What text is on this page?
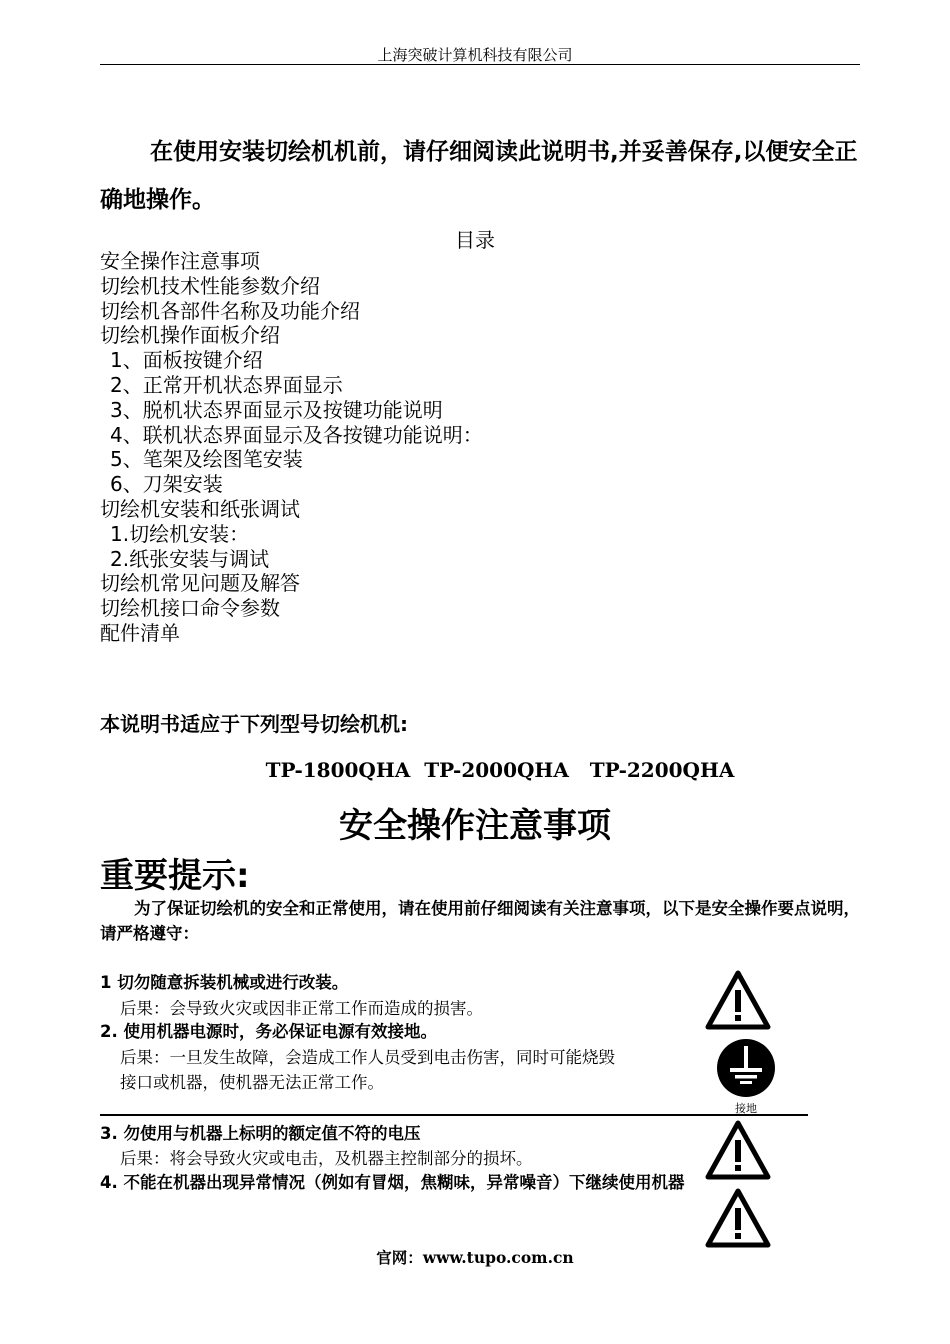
上海突破计算机科技有限公司
在使用安装切绘机机前，请仔细阅读此说明书,并妥善保存,以便安全正确地操作。
目录
安全操作注意事项
切绘机技术性能参数介绍
切绘机各部件名称及功能介绍
切绘机操作面板介绍
1、面板按键介绍
2、正常开机状态界面显示
3、脱机状态界面显示及按键功能说明
4、联机状态界面显示及各按键功能说明：
5、笔架及绘图笔安装
6、刀架安装
切绘机安装和纸张调试
1.切绘机安装：
2.纸张安装与调试
切绘机常见问题及解答
切绘机接口命令参数
配件清单
本说明书适应于下列型号切绘机机:
TP-1800QHA TP-2000QHA TP-2200QHA
安全操作注意事项
重要提示:
为了保证切绘机的安全和正常使用，请在使用前仔细阅读有关注意事项，以下是安全操作要点说明，请严格遵守：
1 切勿随意拆装机械或进行改装。
后果：会导致火灾或因非正常工作而造成的损害。
2. 使用机器电源时，务必保证电源有效接地。
后果：一旦发生故障，会造成工作人员受到电击伤害，同时可能烧毁接口或机器，使机器无法正常工作。
3. 勿使用与机器上标明的额定值不符的电压
后果：将会导致火灾或电击，及机器主控制部分的损坏。
4. 不能在机器出现异常情况（例如有冒烟，焦糊味，异常噪音）下继续使用机器
接地
官网：www.tupo.com.cn
